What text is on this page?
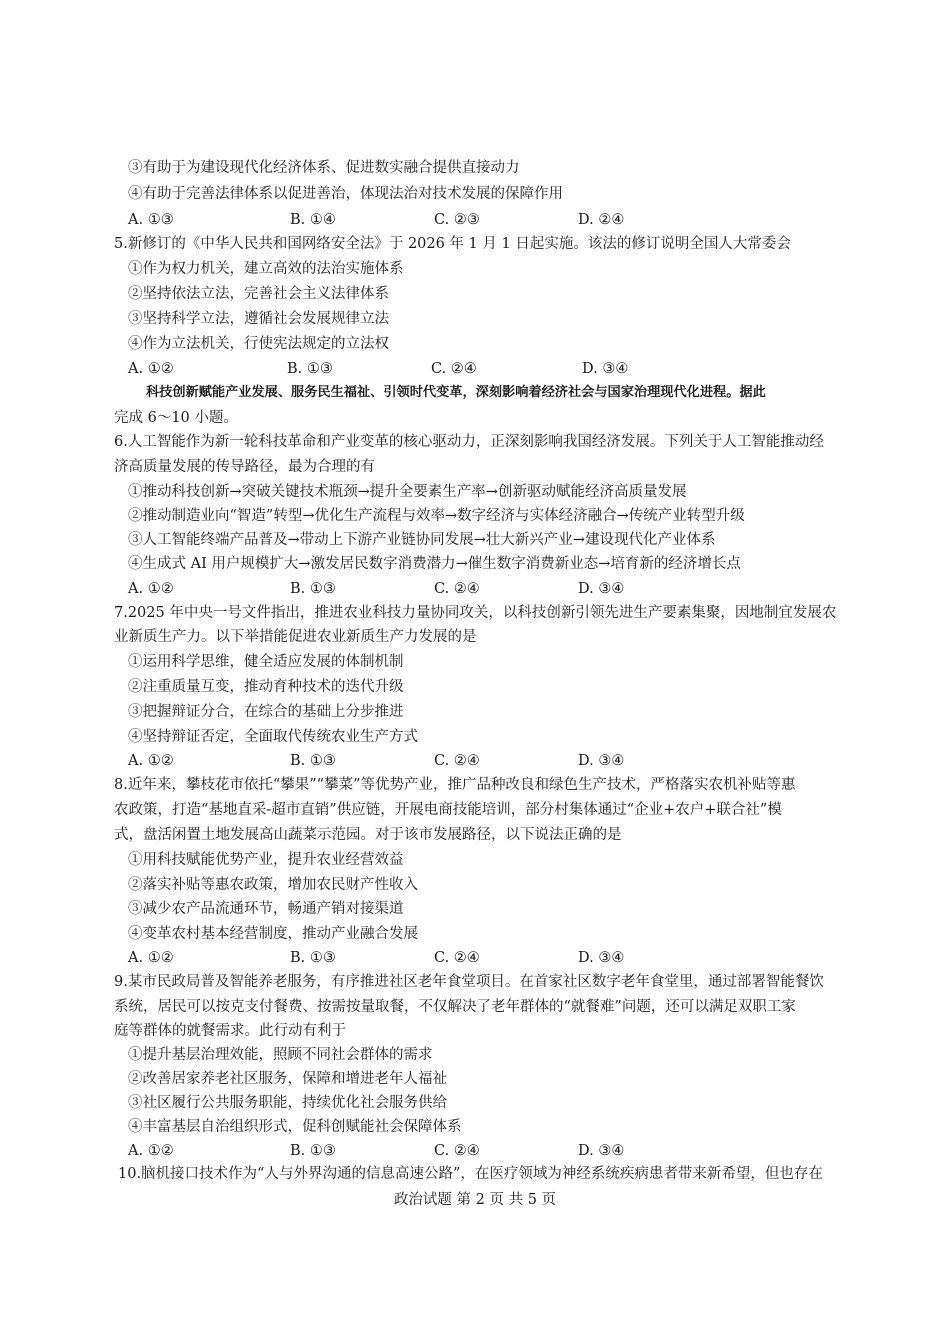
③有助于为建设现代化经济体系、促进数实融合提供直接动力
④有助于完善法律体系以促进善治，体现法治对技术发展的保障作用
A. ①③	B. ①④	C. ②③	D. ②④
5.新修订的《中华人民共和国网络安全法》于 2026 年 1 月 1 日起实施。该法的修订说明全国人大常委会
①作为权力机关，建立高效的法治实施体系
②坚持依法立法，完善社会主义法律体系
③坚持科学立法，遵循社会发展规律立法
④作为立法机关，行使宪法规定的立法权
A. ①②	B. ①③	C. ②④	D. ③④
科技创新赋能产业发展、服务民生福祉、引领时代变革，深刻影响着经济社会与国家治理现代化进程。据此
完成 6～10 小题。
6.人工智能作为新一轮科技革命和产业变革的核心驱动力，正深刻影响我国经济发展。下列关于人工智能推动经
济高质量发展的传导路径，最为合理的有
①推动科技创新→突破关键技术瓶颈→提升全要素生产率→创新驱动赋能经济高质量发展
②推动制造业向“智造”转型→优化生产流程与效率→数字经济与实体经济融合→传统产业转型升级
③人工智能终端产品普及→带动上下游产业链协同发展→壮大新兴产业→建设现代化产业体系
④生成式 AI 用户规模扩大→激发居民数字消费潜力→催生数字消费新业态→培育新的经济增长点
A. ①②	B. ①③	C. ②④	D. ③④
7.2025 年中央一号文件指出，推进农业科技力量协同攻关，以科技创新引领先进生产要素集聚，因地制宜发展农
业新质生产力。以下举措能促进农业新质生产力发展的是
①运用科学思维，健全适应发展的体制机制
②注重质量互变，推动育种技术的迭代升级
③把握辩证分合，在综合的基础上分步推进
④坚持辩证否定，全面取代传统农业生产方式
A. ①②	B. ①③	C. ②④	D. ③④
8.近年来，攀枝花市依托“攀果”“攀菜”等优势产业，推广品种改良和绿色生产技术，严格落实农机补贴等惠
农政策，打造“基地直采-超市直销”供应链，开展电商技能培训，部分村集体通过“企业+农户+联合社”模
式，盘活闲置土地发展高山蔬菜示范园。对于该市发展路径，以下说法正确的是
①用科技赋能优势产业，提升农业经营效益
②落实补贴等惠农政策，增加农民财产性收入
③减少农产品流通环节，畅通产销对接渠道
④变革农村基本经营制度，推动产业融合发展
A. ①②	B. ①③	C. ②④	D. ③④
9.某市民政局普及智能养老服务，有序推进社区老年食堂项目。在首家社区数字老年食堂里，通过部署智能餐饮
系统，居民可以按克支付餐费、按需按量取餐，不仅解决了老年群体的“就餐难”问题，还可以满足双职工家
庭等群体的就餐需求。此行动有利于
①提升基层治理效能，照顾不同社会群体的需求
②改善居家养老社区服务，保障和增进老年人福祉
③社区履行公共服务职能，持续优化社会服务供给
④丰富基层自治组织形式，促科创赋能社会保障体系
A. ①②	B. ①③	C. ②④	D. ③④
10.脑机接口技术作为“人与外界沟通的信息高速公路”，在医疗领域为神经系统疾病患者带来新希望，但也存在
政治试题 第 2 页 共 5 页
